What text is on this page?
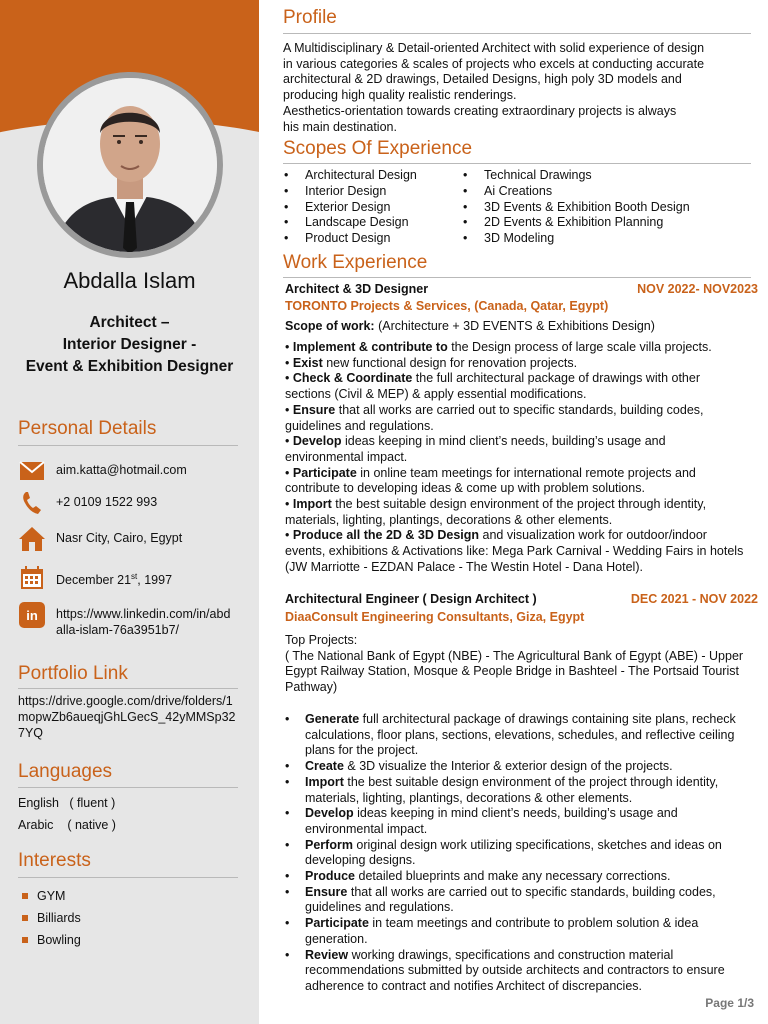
Abdalla Islam
Architect –
Interior Designer -
Event & Exhibition Designer
Personal Details
aim.katta@hotmail.com
+2 0109 1522 993
Nasr City, Cairo, Egypt
December 21st, 1997
in https://www.linkedin.com/in/abdalla-islam-76a3951b7/
Portfolio Link
https://drive.google.com/drive/folders/1mopwZb6aueqjGhLGecS_42yMMSp327YQ
Languages
English   ( fluent )
Arabic    ( native )
Interests
GYM
Billiards
Bowling
Profile
A Multidisciplinary & Detail-oriented Architect with solid experience of design
in various categories & scales of projects who excels at conducting accurate
architectural & 2D drawings, Detailed Designs, high poly 3D models and
producing high quality realistic renderings.
Aesthetics-orientation towards creating extraordinary projects is always
his main destination.
Scopes Of Experience
• Architectural Design
• Interior Design
• Exterior Design
• Landscape Design
• Product Design
• Technical Drawings
• Ai Creations
• 3D Events & Exhibition Booth Design
• 2D Events & Exhibition Planning
• 3D Modeling
Work Experience
Architect & 3D Designer	NOV 2022- NOV2023
TORONTO Projects & Services, (Canada, Qatar, Egypt)
Scope of work: (Architecture + 3D EVENTS & Exhibitions Design)

• Implement & contribute to the Design process of large scale villa projects.

• Exist new functional design for renovation projects.

• Check & Coordinate the full architectural package of drawings with other sections (Civil & MEP) & apply essential modifications.

• Ensure that all works are carried out to specific standards, building codes, guidelines and regulations.

• Develop ideas keeping in mind client’s needs, building’s usage and environmental impact.

• Participate in online team meetings for international remote projects and contribute to developing ideas & come up with problem solutions.

• Import the best suitable design environment of the project through identity, materials, lighting, plantings, decorations & other elements.

• Produce all the 2D & 3D Design and visualization work for outdoor/indoor events, exhibitions & Activations like: Mega Park Carnival - Wedding Fairs in hotels (JW Marriotte - EZDAN Palace - The Westin Hotel - Dana Hotel).

Architectural Engineer ( Design Architect )	DEC 2021 - NOV 2022
DiaaConsult Engineering Consultants, Giza, Egypt
Top Projects:
( The National Bank of Egypt (NBE) - The Agricultural Bank of Egypt (ABE) - Upper Egypt Railway Station, Mosque & People Bridge in Bashteel - The Portsaid Tourist Pathway)
• Generate full architectural package of drawings containing site plans, recheck calculations, floor plans, sections, elevations, schedules, and reflective ceiling plans for the project.
• Create & 3D visualize the Interior & exterior design of the projects.
• Import the best suitable design environment of the project through identity, materials, lighting, plantings, decorations & other elements.
• Develop ideas keeping in mind client’s needs, building’s usage and environmental impact.
• Perform original design work utilizing specifications, sketches and ideas on developing designs.
• Produce detailed blueprints and make any necessary corrections.
• Ensure that all works are carried out to specific standards, building codes, guidelines and regulations.
• Participate in team meetings and contribute to problem solution & idea generation.
• Review working drawings, specifications and construction material recommendations submitted by outside architects and contractors to ensure adherence to contract and notifies Architect of discrepancies.
Page 1/3
